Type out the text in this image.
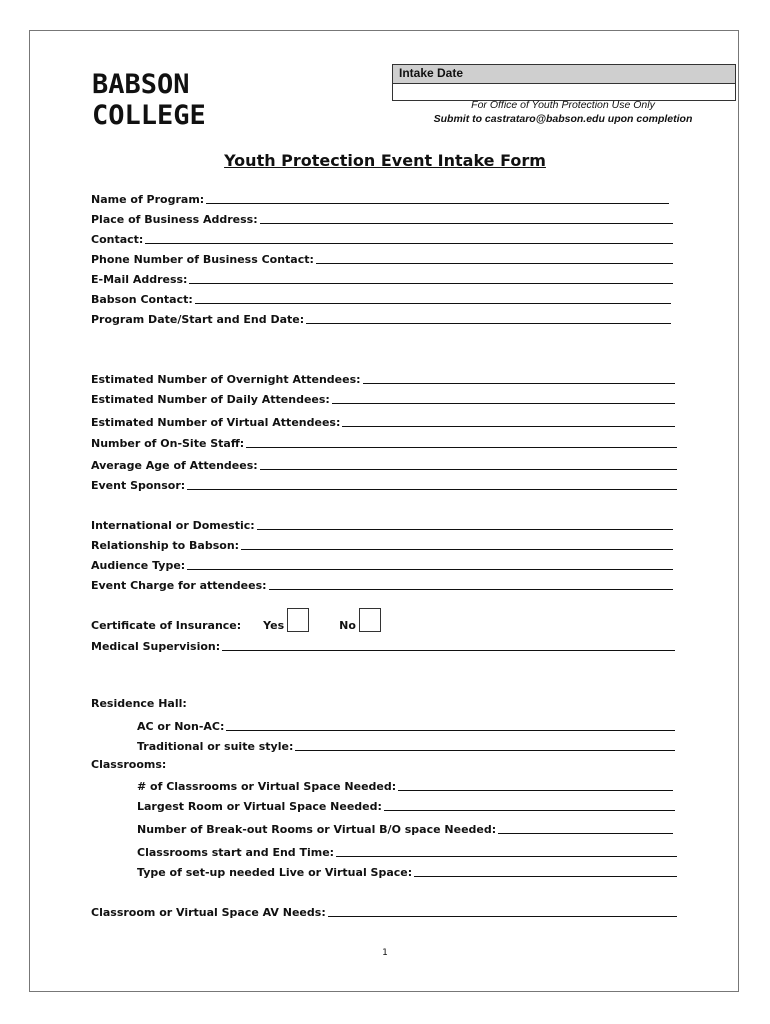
BABSON
COLLEGE
Intake Date
For Office of Youth Protection Use Only
Submit to castrataro@babson.edu upon completion
Youth Protection Event Intake Form
Name of Program:
Place of Business Address:
Contact:
Phone Number of Business Contact:
E-Mail Address:
Babson Contact:
Program Date/Start and End Date:
Estimated Number of Overnight Attendees:
Estimated Number of Daily Attendees:
Estimated Number of Virtual Attendees:
Number of On-Site Staff:
Average Age of Attendees:
Event Sponsor:
International or Domestic:
Relationship to Babson:
Audience Type:
Event Charge for attendees:
Certificate of Insurance: Yes	No
Medical Supervision:
Residence Hall:
AC or Non-AC:
Traditional or suite style:
Classrooms:
# of Classrooms or Virtual Space Needed:
Largest Room or Virtual Space Needed:
Number of Break-out Rooms or Virtual B/O space Needed:
Classrooms start and End Time:
Type of set-up needed Live or Virtual Space:
Classroom or Virtual Space AV Needs:
1
